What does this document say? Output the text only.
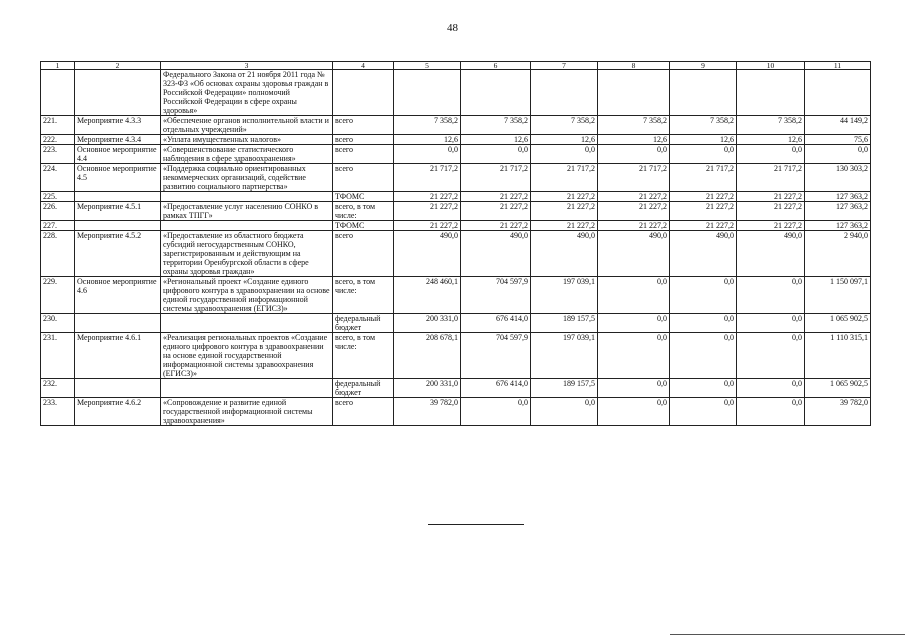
48
1	2	3	4	5	6	7	8	9	10	11
		Федерального Закона от 21 ноября 2011 года № 323-ФЗ «Об основах охраны здоровья граждан в Российской Федерации» полномочий Российской Федерации в сфере охраны здоровья»								
221.	Мероприятие 4.3.3	«Обеспечение органов исполнительной власти и отдельных учреждений»	всего	7 358,2	7 358,2	7 358,2	7 358,2	7 358,2	7 358,2	44 149,2
222.	Мероприятие 4.3.4	«Уплата имущественных налогов»	всего	12,6	12,6	12,6	12,6	12,6	12,6	75,6
223.	Основное мероприятие 4.4	«Совершенствование статистического наблюдения в сфере здравоохранения»	всего	0,0	0,0	0,0	0,0	0,0	0,0	0,0
224.	Основное мероприятие 4.5	«Поддержка социально ориентированных некоммерческих организаций, содействие развитию социального партнерства»	всего	21 717,2	21 717,2	21 717,2	21 717,2	21 717,2	21 717,2	130 303,2
225.			ТФОМС	21 227,2	21 227,2	21 227,2	21 227,2	21 227,2	21 227,2	127 363,2
226.	Мероприятие 4.5.1	«Предоставление услуг населению СОНКО в рамках ТПГГ»	всего, в том числе:	21 227,2	21 227,2	21 227,2	21 227,2	21 227,2	21 227,2	127 363,2
227.			ТФОМС	21 227,2	21 227,2	21 227,2	21 227,2	21 227,2	21 227,2	127 363,2
228.	Мероприятие 4.5.2	«Предоставление из областного бюджета субсидий негосударственным СОНКО, зарегистрированным и действующим на территории Оренбургской области в сфере охраны здоровья граждан»	всего	490,0	490,0	490,0	490,0	490,0	490,0	2 940,0
229.	Основное мероприятие 4.6	«Региональный проект «Создание единого цифрового контура в здравоохранении на основе единой государственной информационной системы здравоохранения (ЕГИСЗ)»	всего, в том числе:	248 460,1	704 597,9	197 039,1	0,0	0,0	0,0	1 150 097,1
230.			федеральный бюджет	200 331,0	676 414,0	189 157,5	0,0	0,0	0,0	1 065 902,5
231.	Мероприятие 4.6.1	«Реализация региональных проектов «Создание единого цифрового контура в здравоохранении на основе единой государственной информационной системы здравоохранения (ЕГИСЗ)»	всего, в том числе:	208 678,1	704 597,9	197 039,1	0,0	0,0	0,0	1 110 315,1
232.			федеральный бюджет	200 331,0	676 414,0	189 157,5	0,0	0,0	0,0	1 065 902,5
233.	Мероприятие 4.6.2	«Сопровождение и развитие единой государственной информационной системы здравоохранения»	всего	39 782,0	0,0	0,0	0,0	0,0	0,0	39 782,0
